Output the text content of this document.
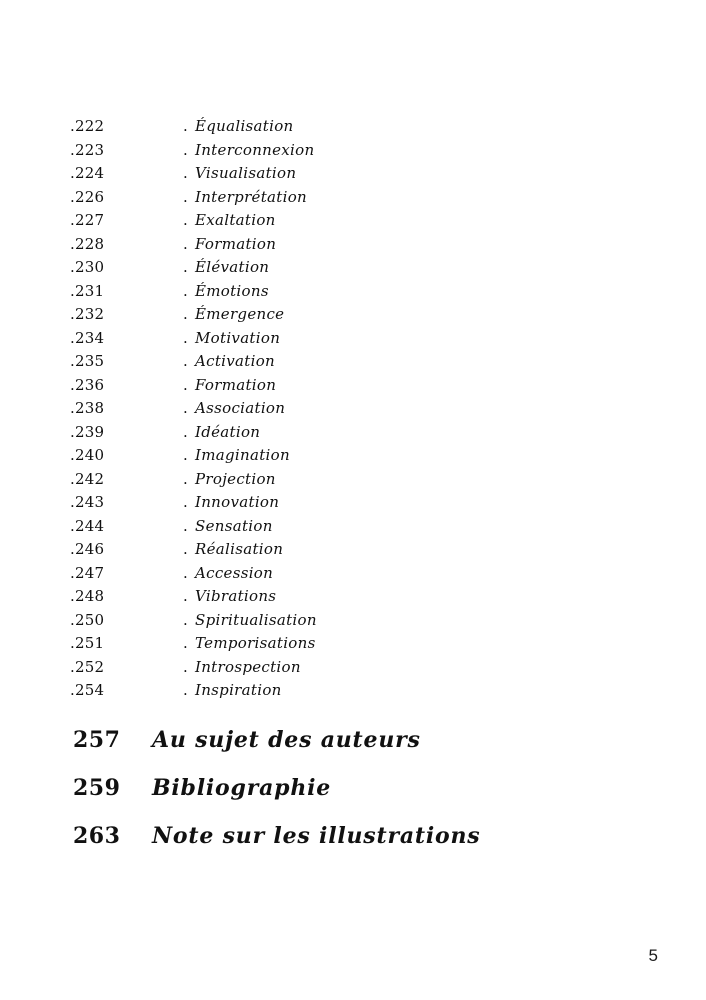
.222	. Équalisation
.223	. Interconnexion
.224	. Visualisation
.226	. Interprétation
.227	. Exaltation
.228	. Formation
.230	. Élévation
.231	. Émotions
.232	. Émergence
.234	. Motivation
.235	. Activation
.236	. Formation
.238	. Association
.239	. Idéation
.240	. Imagination
.242	. Projection
.243	. Innovation
.244	. Sensation
.246	. Réalisation
.247	. Accession
.248	. Vibrations
.250	. Spiritualisation
.251	. Temporisations
.252	. Introspection
.254	. Inspiration
257 Au sujet des auteurs
259 Bibliographie
263 Note sur les illustrations
5
